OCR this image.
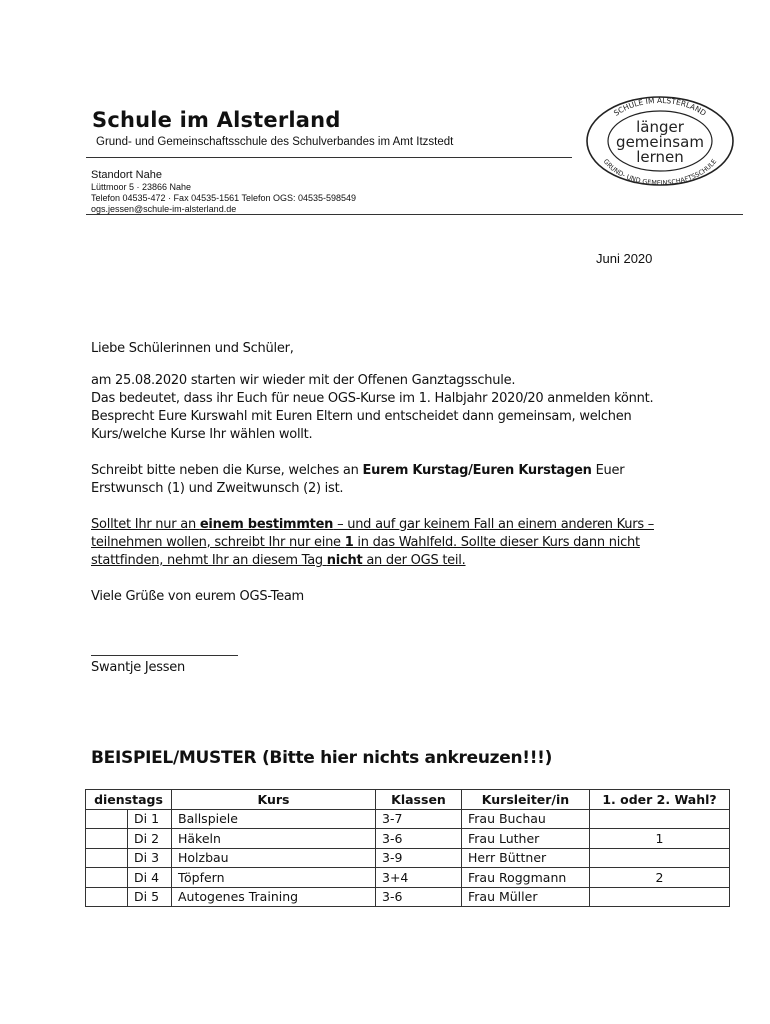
Schule im Alsterland
Grund- und Gemeinschaftsschule des Schulverbandes im Amt Itzstedt
Standort Nahe
Lüttmoor 5 · 23866 Nahe
Telefon 04535-472 · Fax 04535-1561 Telefon OGS: 04535-598549
ogs.jessen@schule-im-alsterland.de
SCHULE IM ALSTERLAND
GRUND- UND GEMEINSCHAFTSSCHULE
länger
gemeinsam
lernen
Juni 2020
Liebe Schülerinnen und Schüler,
am 25.08.2020 starten wir wieder mit der Offenen Ganztagsschule.
Das bedeutet, dass ihr Euch für neue OGS-Kurse im 1. Halbjahr 2020/20 anmelden könnt.
Besprecht Eure Kurswahl mit Euren Eltern und entscheidet dann gemeinsam, welchen
Kurs/welche Kurse Ihr wählen wollt.
Schreibt bitte neben die Kurse, welches an Eurem Kurstag/Euren Kurstagen Euer
Erstwunsch (1) und Zweitwunsch (2) ist.
Solltet Ihr nur an einem bestimmten – und auf gar keinem Fall an einem anderen Kurs –
teilnehmen wollen, schreibt Ihr nur eine 1 in das Wahlfeld. Sollte dieser Kurs dann nicht
stattfinden, nehmt Ihr an diesem Tag nicht an der OGS teil.
Viele Grüße von eurem OGS-Team
Swantje Jessen
BEISPIEL/MUSTER (Bitte hier nichts ankreuzen!!!)
dienstags		Kurs	Klassen	Kursleiter/in	1. oder 2. Wahl?
	Di 1	Ballspiele	3-7	Frau Buchau	
	Di 2	Häkeln	3-6	Frau Luther	1
	Di 3	Holzbau	3-9	Herr Büttner	
	Di 4	Töpfern	3+4	Frau Roggmann	2
	Di 5	Autogenes Training	3-6	Frau Müller	
